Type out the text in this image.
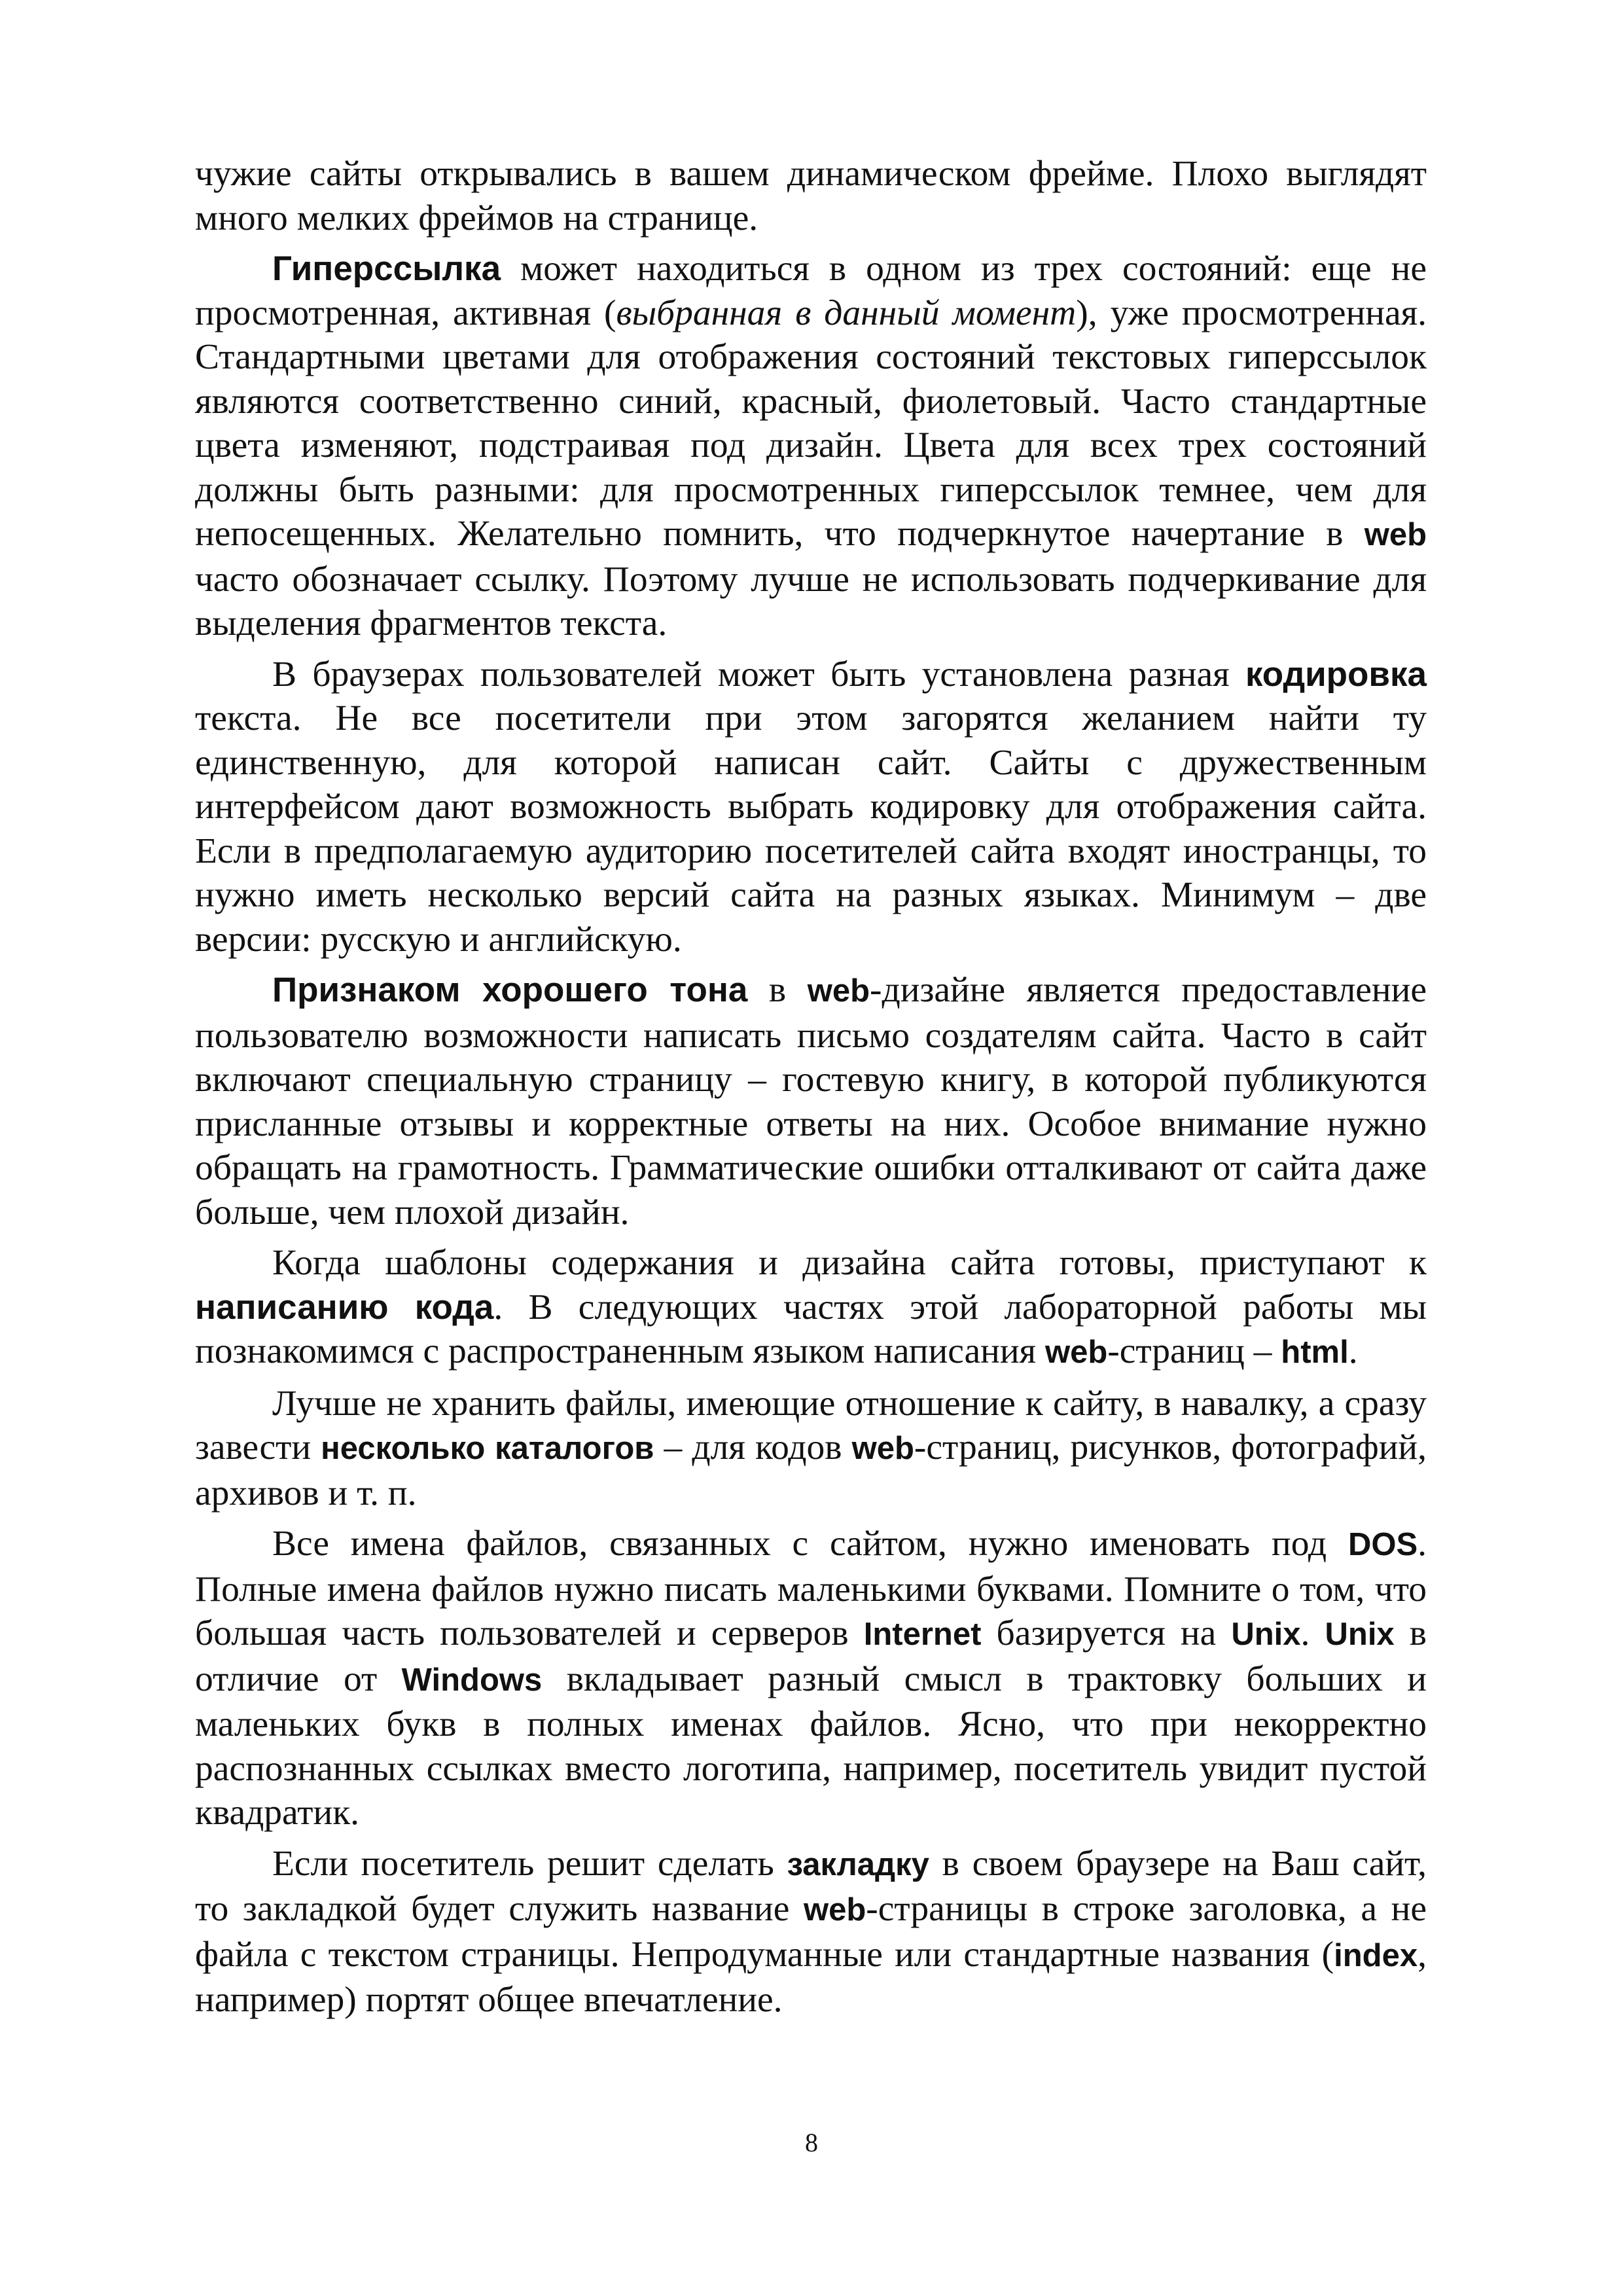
чужие сайты открывались в вашем динамическом фрейме. Плохо выглядят много мелких фреймов на странице.

Гиперссылка может находиться в одном из трех состояний: еще не просмотренная, активная (выбранная в данный момент), уже просмотренная. Стандартными цветами для отображения состояний текстовых гиперссылок являются соответственно синий, красный, фиолетовый. Часто стандартные цвета изменяют, подстраивая под дизайн. Цвета для всех трех состояний должны быть разными: для просмотренных гиперссылок темнее, чем для непосещенных. Желательно помнить, что подчеркнутое начертание в web часто обозначает ссылку. Поэтому лучше не использовать подчеркивание для выделения фрагментов текста.

В браузерах пользователей может быть установлена разная кодировка текста. Не все посетители при этом загорятся желанием найти ту единственную, для которой написан сайт. Сайты с дружественным интерфейсом дают возможность выбрать кодировку для отображения сайта. Если в предполагаемую аудиторию посетителей сайта входят иностранцы, то нужно иметь несколько версий сайта на разных языках. Минимум – две версии: русскую и английскую.

Признаком хорошего тона в web-дизайне является предоставление пользователю возможности написать письмо создателям сайта. Часто в сайт включают специальную страницу – гостевую книгу, в которой публикуются присланные отзывы и корректные ответы на них. Особое внимание нужно обращать на грамотность. Грамматические ошибки отталкивают от сайта даже больше, чем плохой дизайн.

Когда шаблоны содержания и дизайна сайта готовы, приступают к написанию кода. В следующих частях этой лабораторной работы мы познакомимся с распространенным языком написания web-страниц – html.

Лучше не хранить файлы, имеющие отношение к сайту, в навалку, а сразу завести несколько каталогов – для кодов web-страниц, рисунков, фотографий, архивов и т. п.

Все имена файлов, связанных с сайтом, нужно именовать под DOS. Полные имена файлов нужно писать маленькими буквами. Помните о том, что большая часть пользователей и серверов Internet базируется на Unix. Unix в отличие от Windows вкладывает разный смысл в трактовку больших и маленьких букв в полных именах файлов. Ясно, что при некорректно распознанных ссылках вместо логотипа, например, посетитель увидит пустой квадратик.

Если посетитель решит сделать закладку в своем браузере на Ваш сайт, то закладкой будет служить название web-страницы в строке заголовка, а не файла с текстом страницы. Непродуманные или стандартные названия (index, например) портят общее впечатление.

8
